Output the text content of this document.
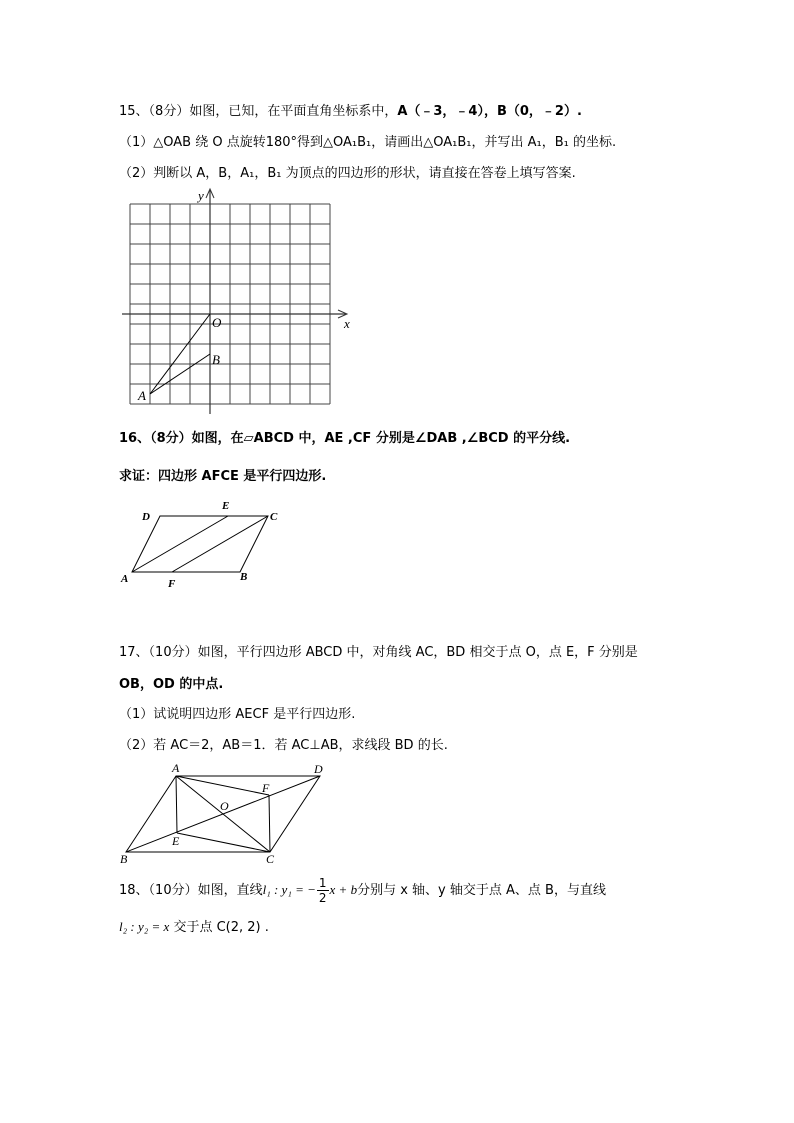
15、（8分）如图，已知，在平面直角坐标系中，A（﹣3，﹣4），B（0，﹣2）.
（1）△OAB 绕 O 点旋转180°得到△OA₁B₁，请画出△OA₁B₁，并写出 A₁，B₁ 的坐标.
（2）判断以 A，B，A₁，B₁ 为顶点的四边形的形状，请直接在答卷上填写答案.
x
y
O
B
A
16、（8分）如图，在▱ABCD 中，AE ,CF 分别是∠DAB ,∠BCD 的平分线.
求证：四边形 AFCE 是平行四边形.
A	B
C
D
E
F
17、（10分）如图，平行四边形 ABCD 中，对角线 AC，BD 相交于点 O，点 E，F 分别是
OB，OD 的中点.
（1）试说明四边形 AECF 是平行四边形.
（2）若 AC＝2，AB＝1．若 AC⊥AB，求线段 BD 的长.
A	D
B	C
O
E
F
18、（10分）如图，直线l₁ : y₁ = − $\frac{1}{2}$ x + b分别与 x 轴、y 轴交于点 A、点 B，与直线
l₂ : y₂ = x 交于点 C(2, 2) .
